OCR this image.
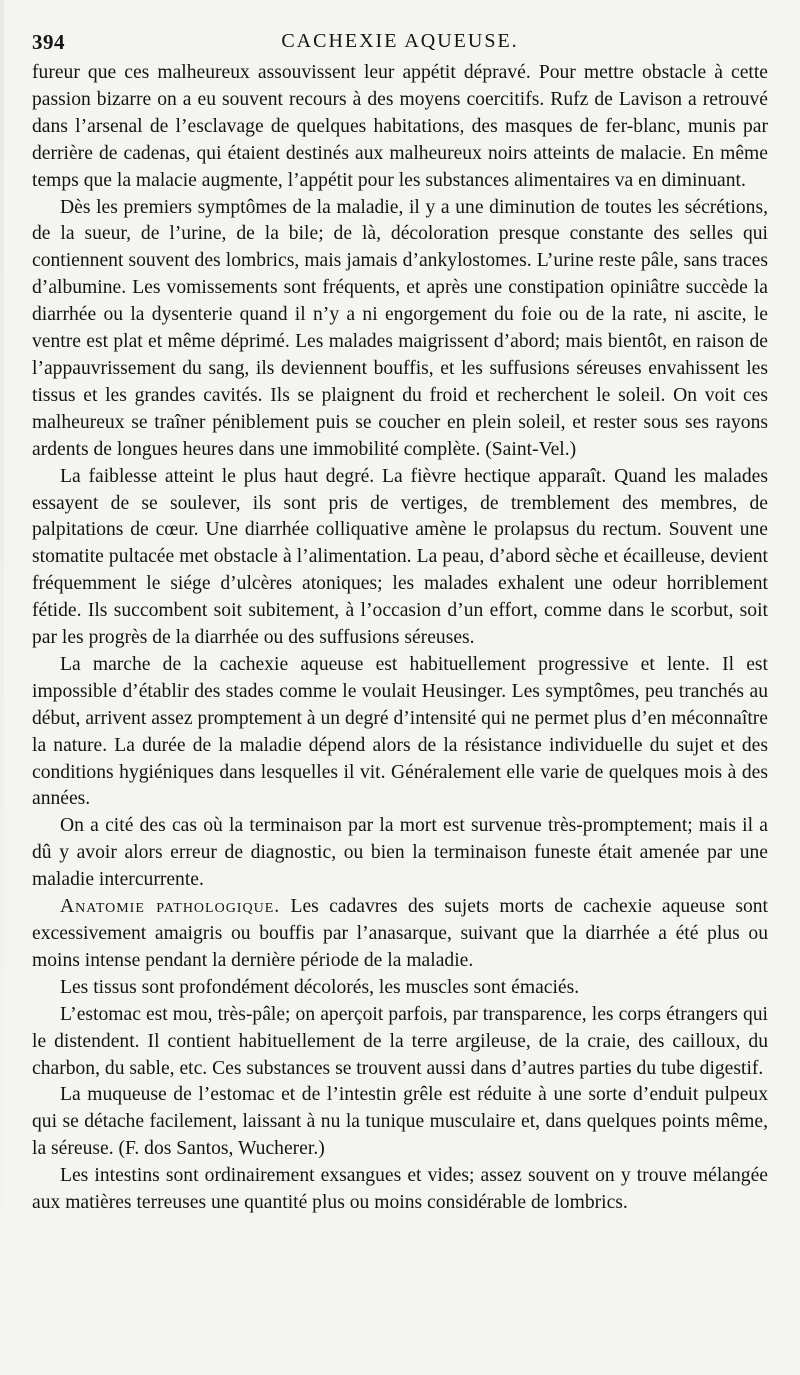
394	CACHEXIE AQUEUSE.

fureur que ces malheureux assouvissent leur appétit dépravé. Pour mettre obstacle à cette passion bizarre on a eu souvent recours à des moyens coercitifs. Rufz de Lavison a retrouvé dans l’arsenal de l’esclavage de quelques habitations, des masques de fer-blanc, munis par derrière de cadenas, qui étaient destinés aux malheureux noirs atteints de malacie. En même temps que la malacie augmente, l’appétit pour les substances alimentaires va en diminuant.

Dès les premiers symptômes de la maladie, il y a une diminution de toutes les sécrétions, de la sueur, de l’urine, de la bile; de là, décoloration presque constante des selles qui contiennent souvent des lombrics, mais jamais d’ankylostomes. L’urine reste pâle, sans traces d’albumine. Les vomissements sont fréquents, et après une constipation opiniâtre succède la diarrhée ou la dysenterie quand il n’y a ni engorgement du foie ou de la rate, ni ascite, le ventre est plat et même déprimé. Les malades maigrissent d’abord; mais bientôt, en raison de l’appauvrissement du sang, ils deviennent bouffis, et les suffusions séreuses envahissent les tissus et les grandes cavités. Ils se plaignent du froid et recherchent le soleil. On voit ces malheureux se traîner péniblement puis se coucher en plein soleil, et rester sous ses rayons ardents de longues heures dans une immobilité complète. (Saint-Vel.)

La faiblesse atteint le plus haut degré. La fièvre hectique apparaît. Quand les malades essayent de se soulever, ils sont pris de vertiges, de tremblement des membres, de palpitations de cœur. Une diarrhée colliquative amène le prolapsus du rectum. Souvent une stomatite pultacée met obstacle à l’alimentation. La peau, d’abord sèche et écailleuse, devient fréquemment le siége d’ulcères atoniques; les malades exhalent une odeur horriblement fétide. Ils succombent soit subitement, à l’occasion d’un effort, comme dans le scorbut, soit par les progrès de la diarrhée ou des suffusions séreuses.

La marche de la cachexie aqueuse est habituellement progressive et lente. Il est impossible d’établir des stades comme le voulait Heusinger. Les symptômes, peu tranchés au début, arrivent assez promptement à un degré d’intensité qui ne permet plus d’en méconnaître la nature. La durée de la maladie dépend alors de la résistance individuelle du sujet et des conditions hygiéniques dans lesquelles il vit. Généralement elle varie de quelques mois à des années.

On a cité des cas où la terminaison par la mort est survenue très-promptement; mais il a dû y avoir alors erreur de diagnostic, ou bien la terminaison funeste était amenée par une maladie intercurrente.

Anatomie pathologique. Les cadavres des sujets morts de cachexie aqueuse sont excessivement amaigris ou bouffis par l’anasarque, suivant que la diarrhée a été plus ou moins intense pendant la dernière période de la maladie.

Les tissus sont profondément décolorés, les muscles sont émaciés.

L’estomac est mou, très-pâle; on aperçoit parfois, par transparence, les corps étrangers qui le distendent. Il contient habituellement de la terre argileuse, de la craie, des cailloux, du charbon, du sable, etc. Ces substances se trouvent aussi dans d’autres parties du tube digestif.

La muqueuse de l’estomac et de l’intestin grêle est réduite à une sorte d’enduit pulpeux qui se détache facilement, laissant à nu la tunique musculaire et, dans quelques points même, la séreuse. (F. dos Santos, Wucherer.)

Les intestins sont ordinairement exsangues et vides; assez souvent on y trouve mélangée aux matières terreuses une quantité plus ou moins considérable de lombrics.
